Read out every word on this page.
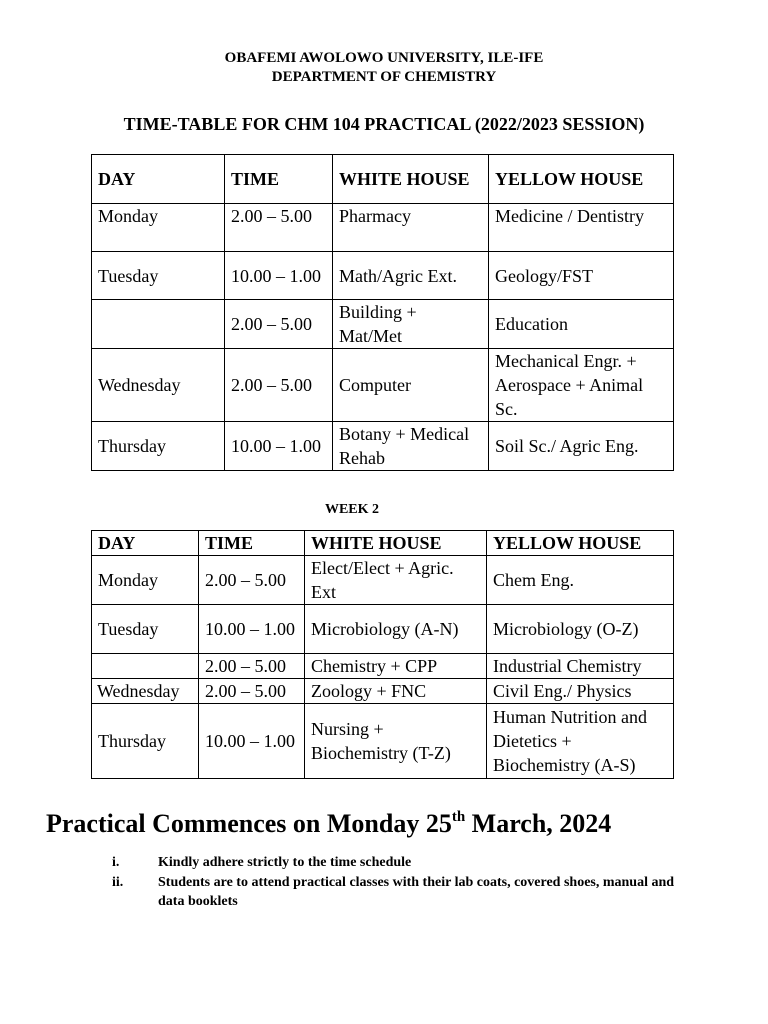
OBAFEMI AWOLOWO UNIVERSITY, ILE-IFE
DEPARTMENT OF CHEMISTRY
TIME-TABLE FOR CHM 104 PRACTICAL (2022/2023 SESSION)
DAY	TIME	WHITE HOUSE	YELLOW HOUSE
Monday	2.00 – 5.00	Pharmacy	Medicine / Dentistry
Tuesday	10.00 – 1.00	Math/Agric Ext.	Geology/FST
	2.00 – 5.00	Building + Mat/Met	Education
Wednesday	2.00 – 5.00	Computer	Mechanical Engr. + Aerospace + Animal Sc.
Thursday	10.00 – 1.00	Botany + Medical Rehab	Soil Sc./ Agric Eng.
WEEK 2
DAY	TIME	WHITE HOUSE	YELLOW HOUSE
Monday	2.00 – 5.00	Elect/Elect + Agric. Ext	Chem Eng.
Tuesday	10.00 – 1.00	Microbiology (A-N)	Microbiology (O-Z)
	2.00 – 5.00	Chemistry + CPP	Industrial Chemistry
Wednesday	2.00 – 5.00	Zoology + FNC	Civil Eng./ Physics
Thursday	10.00 – 1.00	Nursing + Biochemistry (T-Z)	Human Nutrition and Dietetics + Biochemistry (A-S)
Practical Commences on Monday 25th March, 2024
i.	Kindly adhere strictly to the time schedule
ii. Students are to attend practical classes with their lab coats, covered shoes, manual and data booklets
